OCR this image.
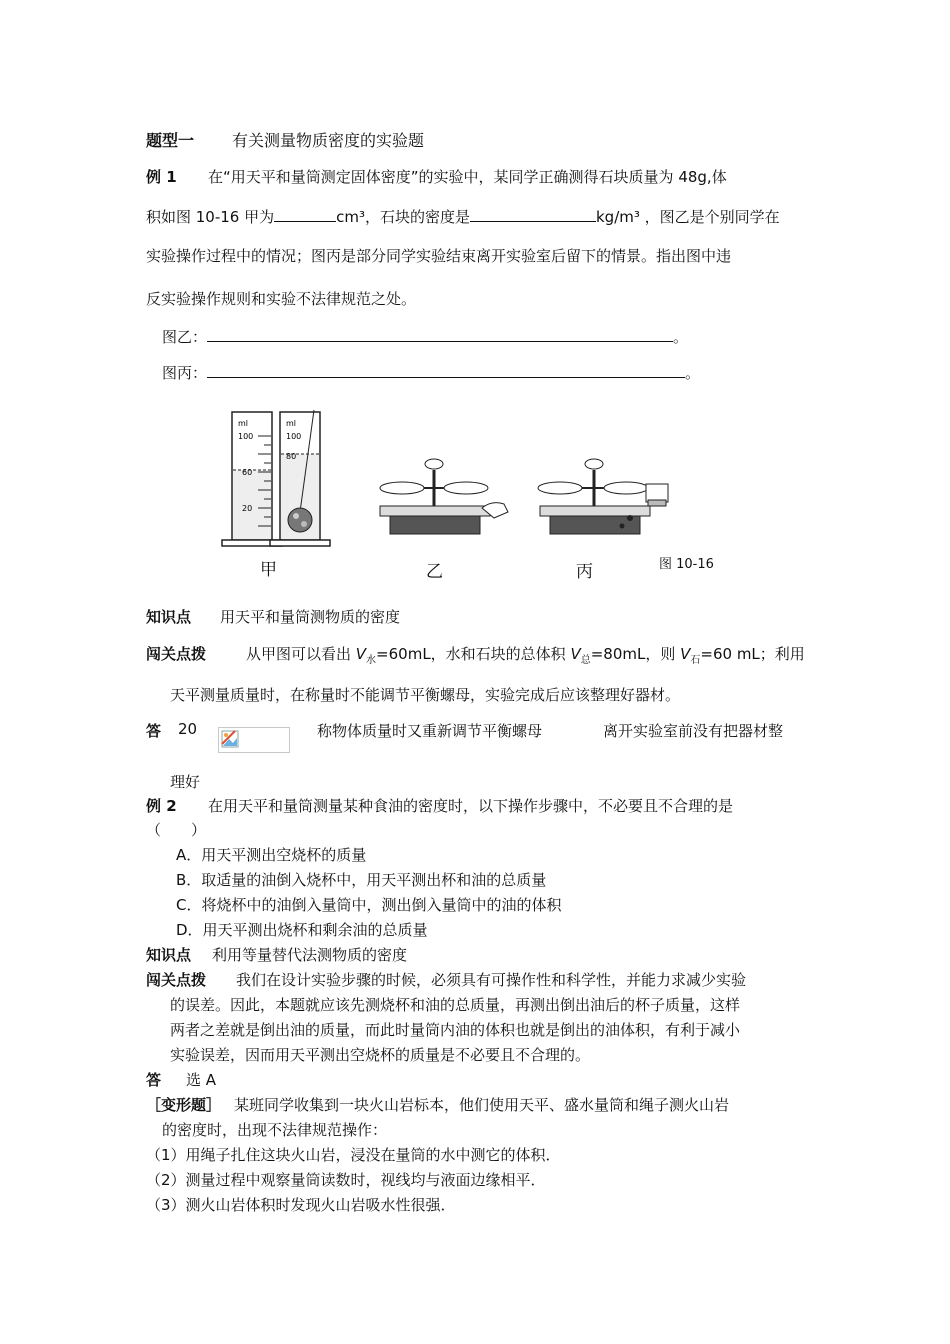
题型一 有关测量物质密度的实验题
例 1 在“用天平和量筒测定固体密度”的实验中，某同学正确测得石块质量为 48g,体
积如图 10-16 甲为	cm³，石块的密度是	kg/m³ ，图乙是个别同学在
实验操作过程中的情况；图丙是部分同学实验结束离开实验室后留下的情景。指出图中违
反实验操作规则和实验不法律规范之处。
图乙：	。
图丙：	。
ml
100
60
20
ml
100
80
甲	乙	丙	图 10-16
知识点 用天平和量筒测物质的密度
闯关点拨	从甲图可以看出 $V_水=60mL$，水和石块的总体积 $V_总=80mL$，则 $V_石=60$ mL；利用
天平测量质量时，在称量时不能调节平衡螺母，实验完成后应该整理好器材。
答 20	称物体质量时又重新调节平衡螺母	离开实验室前没有把器材整
理好
例 2 在用天平和量筒测量某种食油的密度时，以下操作步骤中，不必要且不合理的是
（　　）
A．用天平测出空烧杯的质量
B．取适量的油倒入烧杯中，用天平测出杯和油的总质量
C．将烧杯中的油倒入量筒中，测出倒入量筒中的油的体积
D．用天平测出烧杯和剩余油的总质量
知识点 利用等量替代法测物质的密度
闯关点拨 我们在设计实验步骤的时候，必须具有可操作性和科学性，并能力求减少实验
的误差。因此，本题就应该先测烧杯和油的总质量，再测出倒出油后的杯子质量，这样
两者之差就是倒出油的质量，而此时量筒内油的体积也就是倒出的油体积，有利于减小
实验误差，因而用天平测出空烧杯的质量是不必要且不合理的。
答 选 A
［变形题］ 某班同学收集到一块火山岩标本，他们使用天平、盛水量筒和绳子测火山岩
的密度时，出现不法律规范操作：
（1）用绳子扎住这块火山岩，浸没在量筒的水中测它的体积．
（2）测量过程中观察量筒读数时，视线均与液面边缘相平．
（3）测火山岩体积时发现火山岩吸水性很强．
